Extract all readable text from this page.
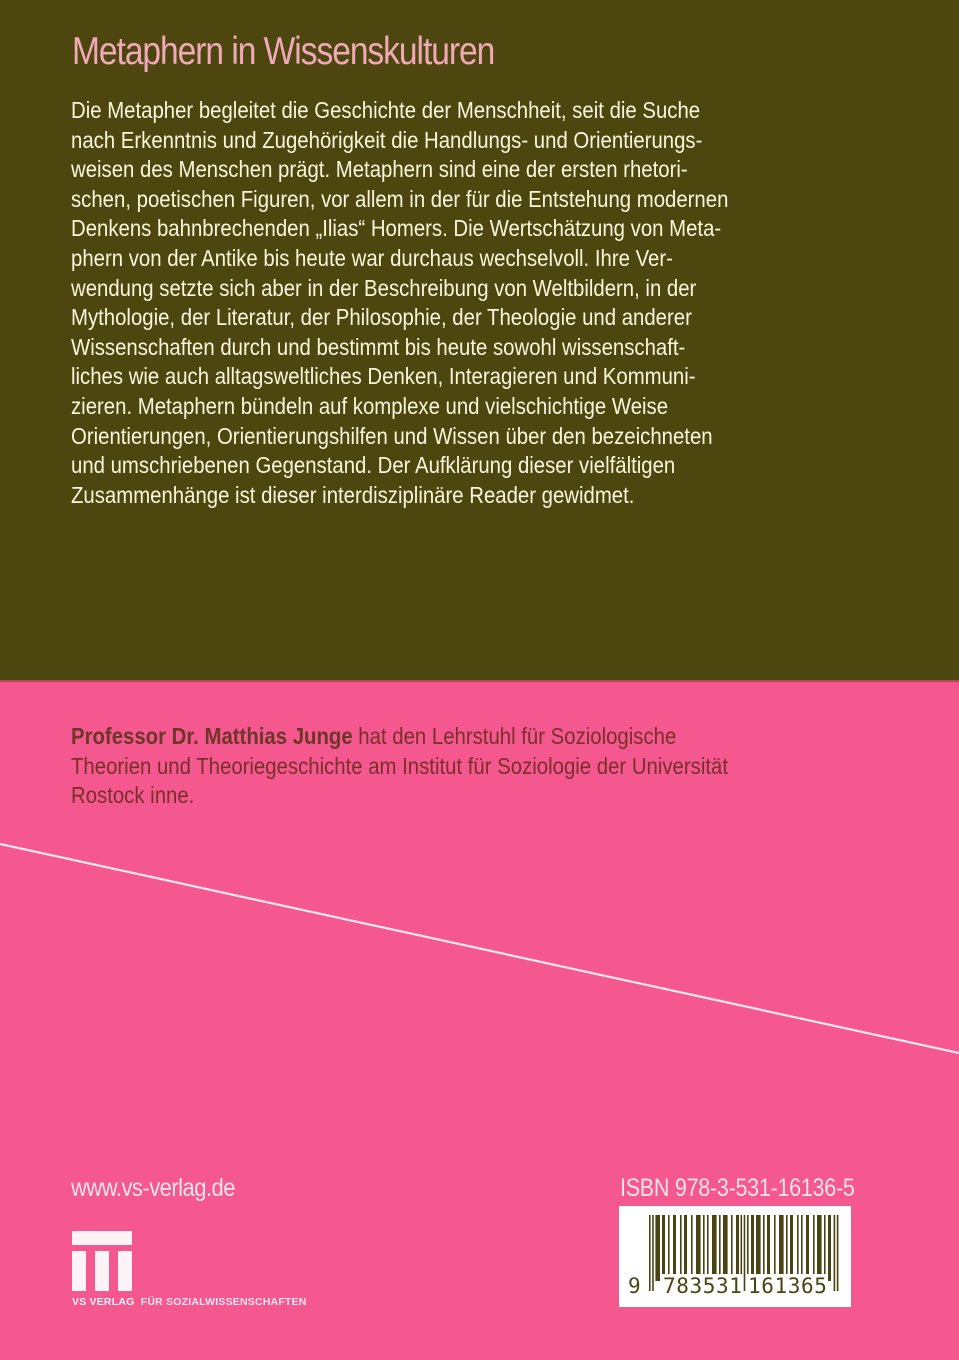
Metaphern in Wissenskulturen
Die Metapher begleitet die Geschichte der Menschheit, seit die Suche
nach Erkenntnis und Zugehörigkeit die Handlungs- und Orientierungs-
weisen des Menschen prägt. Metaphern sind eine der ersten rhetori-
schen, poetischen Figuren, vor allem in der für die Entstehung modernen
Denkens bahnbrechenden „Ilias“ Homers. Die Wertschätzung von Meta-
phern von der Antike bis heute war durchaus wechselvoll. Ihre Ver-
wendung setzte sich aber in der Beschreibung von Weltbildern, in der
Mythologie, der Literatur, der Philosophie, der Theologie und anderer
Wissenschaften durch und bestimmt bis heute sowohl wissenschaft-
liches wie auch alltagsweltliches Denken, Interagieren und Kommuni-
zieren. Metaphern bündeln auf komplexe und vielschichtige Weise
Orientierungen, Orientierungshilfen und Wissen über den bezeichneten
und umschriebenen Gegenstand. Der Aufklärung dieser vielfältigen
Zusammenhänge ist dieser interdisziplinäre Reader gewidmet.
Professor Dr. Matthias Junge hat den Lehrstuhl für Soziologische
Theorien und Theoriegeschichte am Institut für Soziologie der Universität
Rostock inne.
www.vs-verlag.de
VS VERLAG FÜR SOZIALWISSENSCHAFTEN
ISBN 978-3-531-16136-5
9 783531 161365
